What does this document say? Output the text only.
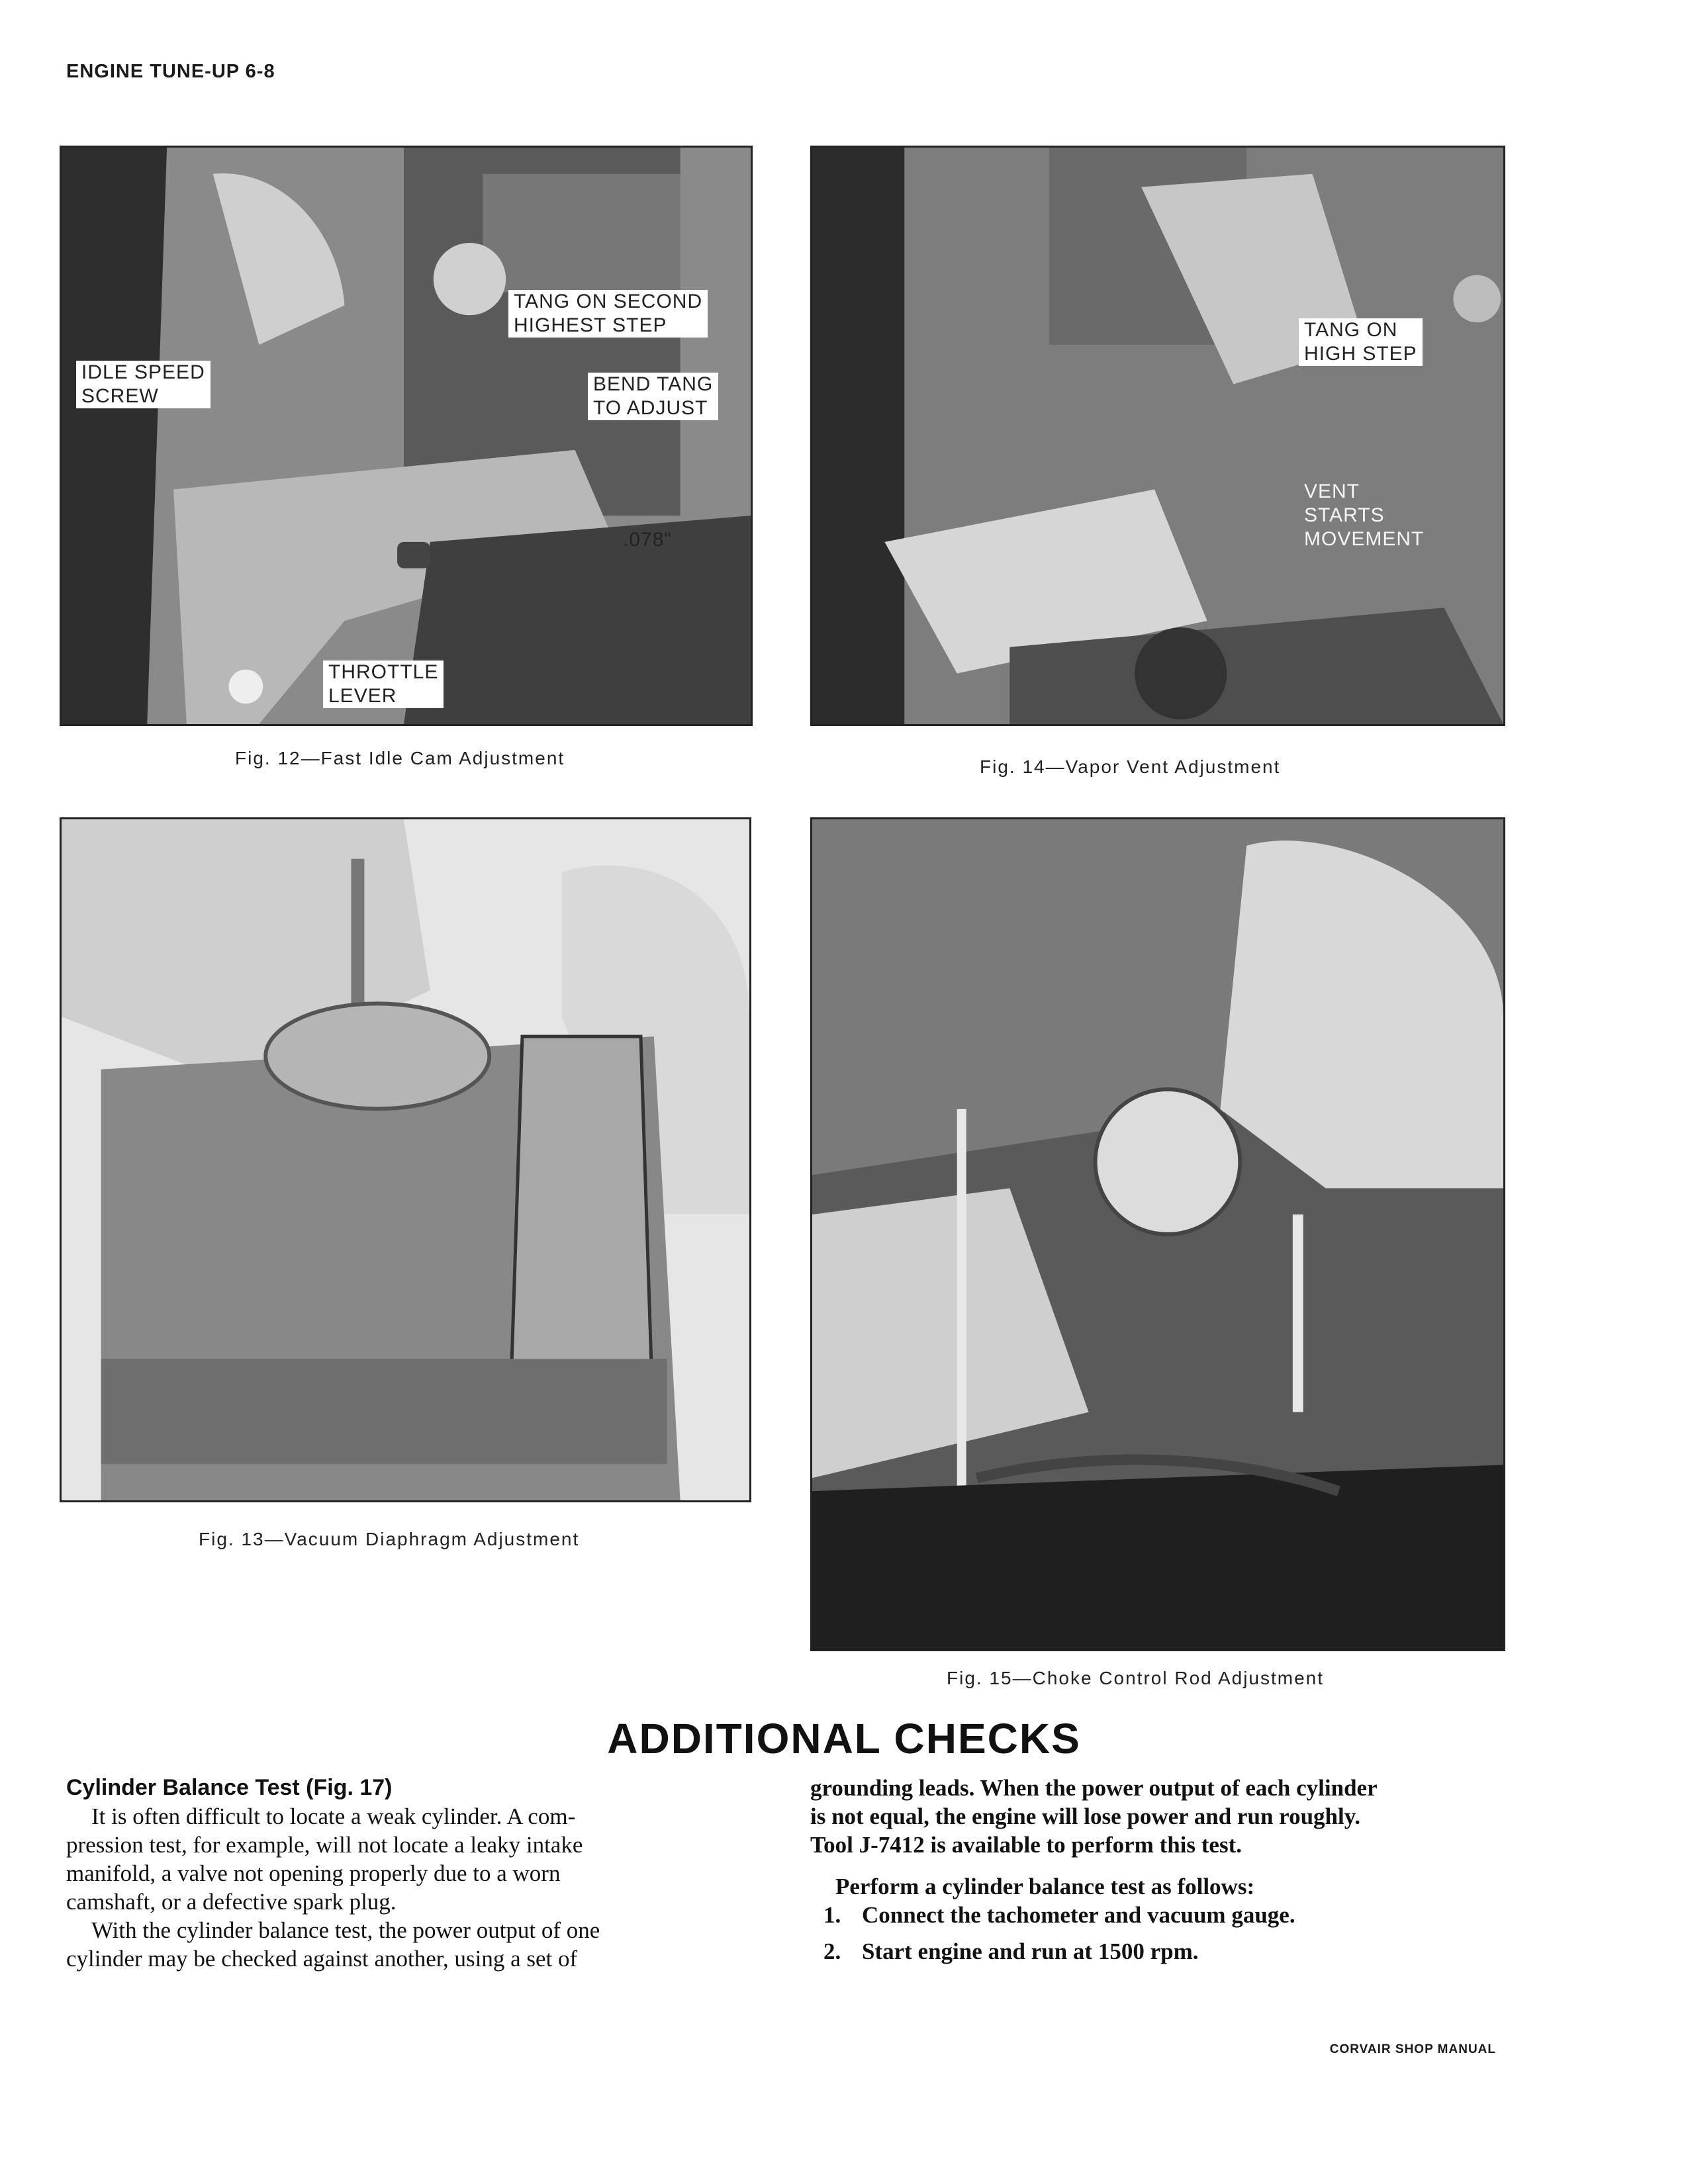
ENGINE TUNE-UP 6-8
TANG ON SECOND
HIGHEST STEP
IDLE SPEED
SCREW
BEND TANG
TO ADJUST
.078"
THROTTLE
LEVER
Fig. 12—Fast Idle Cam Adjustment
TANG ON
HIGH STEP
VENT
STARTS
MOVEMENT
Fig. 14—Vapor Vent Adjustment
Fig. 13—Vacuum Diaphragm Adjustment
Fig. 15—Choke Control Rod Adjustment
ADDITIONAL CHECKS

Cylinder Balance Test (Fig. 17)

It is often difficult to locate a weak cylinder. A com-

pression test, for example, will not locate a leaky intake

manifold, a valve not opening properly due to a worn

camshaft, or a defective spark plug.

With the cylinder balance test, the power output of one

cylinder may be checked against another, using a set of

grounding leads. When the power output of each cylinder

is not equal, the engine will lose power and run roughly.

Tool J-7412 is available to perform this test.

Perform a cylinder balance test as follows:

1. Connect the tachometer and vacuum gauge.
2. Start engine and run at 1500 rpm.
CORVAIR SHOP MANUAL
